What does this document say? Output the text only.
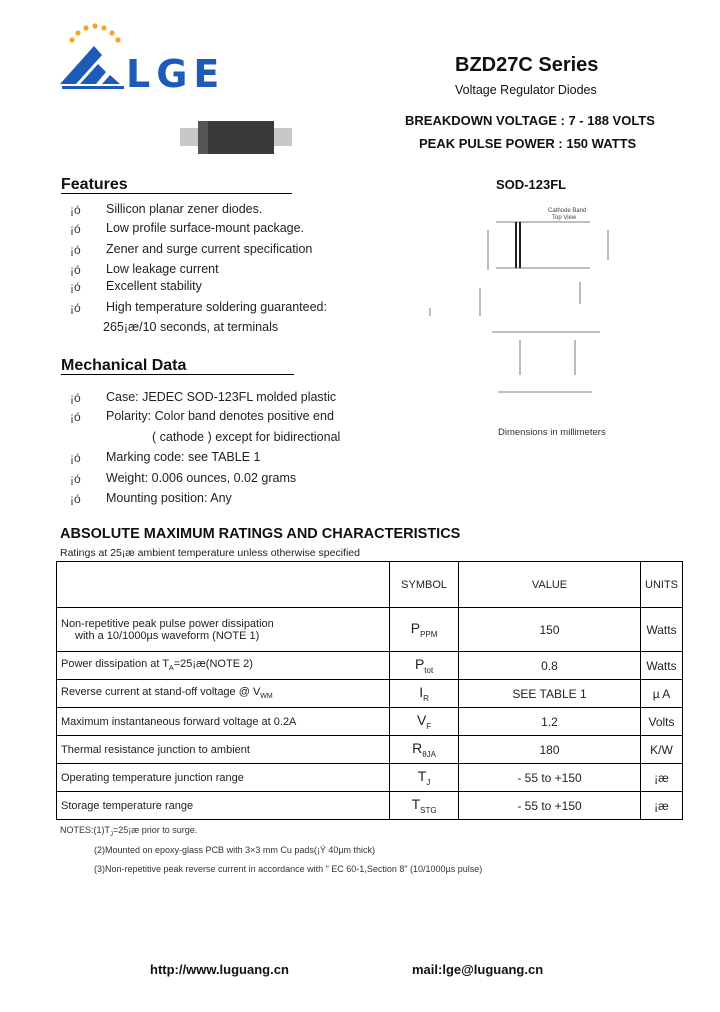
LGE	BZD27C Series
Voltage Regulator Diodes
BREAKDOWN VOLTAGE : 7 - 188 VOLTS
PEAK PULSE POWER : 150 WATTS
Features
¡ó Sillicon planar zener diodes.
¡ó Low profile surface-mount package.
¡ó Zener and surge current specification
¡ó Low leakage current
¡ó Excellent stability
¡ó High temperature soldering guaranteed:
265¡æ/10 seconds, at terminals
Mechanical Data
¡ó Case: JEDEC SOD-123FL molded plastic
¡ó Polarity: Color band denotes positive end
( cathode ) except for bidirectional
¡ó Marking code: see TABLE 1
¡ó Weight: 0.006 ounces, 0.02 grams
¡ó Mounting position: Any
SOD-123FL
Cathode Band
Top View
Dimensions in millimeters
ABSOLUTE MAXIMUM RATINGS AND CHARACTERISTICS
Ratings at 25¡æ ambient temperature unless otherwise specified
	SYMBOL	VALUE	UNITS
Non-repetitive peak pulse power dissipation
with a 10/1000µs waveform (NOTE 1)	$P_{PPM}$	150	Watts
Power dissipation at $T_A=25¡æ(NOTE$ 2)	$P_{tot}$	0.8	Watts
Reverse current at stand-off voltage @ $V_{WM}$	$I_R$	SEE TABLE 1	µ A
Maximum instantaneous forward voltage at 0.2A	$V_F$	1.2	Volts
Thermal resistance junction to ambient	$R_{\theta JA}$	180	K/W
Operating temperature junction range	$T_J$	- 55 to +150	¡æ
Storage temperature range	$T_{STG}$	- 55 to +150	¡æ
$NOTES:(1)T_J=25¡æ$ prior to surge.
(2)Mounted on epoxy-glass PCB with 3×3 mm Cu pads(¡Ý 40µm thick)
(3)Non-repetitive peak reverse current in accordance with " EC 60-1,Section 8" (10/1000µs pulse)
http://www.luguang.cn	mail:lge@luguang.cn
